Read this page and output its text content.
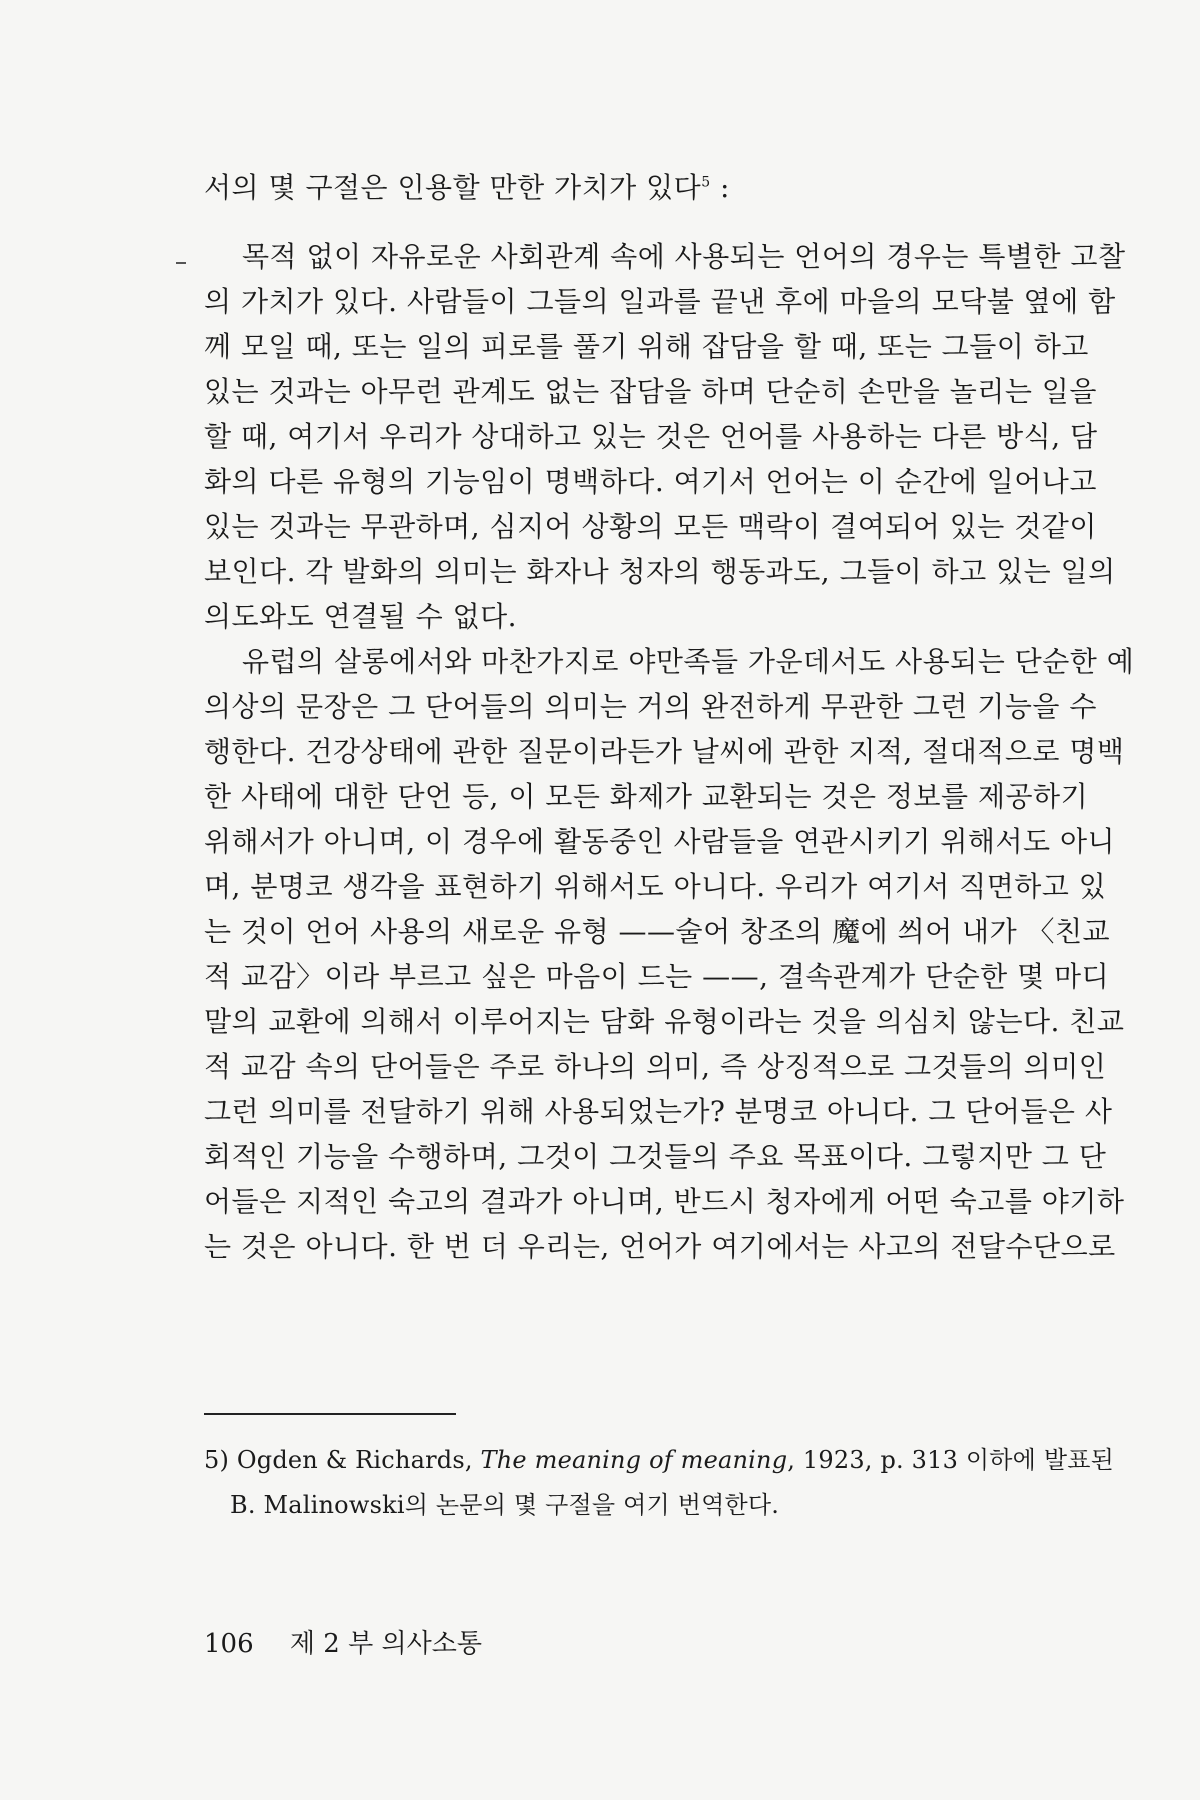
서의 몇 구절은 인용할 만한 가치가 있다$^5$ :
목적 없이 자유로운 사회관계 속에 사용되는 언어의 경우는 특별한 고찰
의 가치가 있다. 사람들이 그들의 일과를 끝낸 후에 마을의 모닥불 옆에 함
께 모일 때, 또는 일의 피로를 풀기 위해 잡담을 할 때, 또는 그들이 하고
있는 것과는 아무런 관계도 없는 잡담을 하며 단순히 손만을 놀리는 일을
할 때, 여기서 우리가 상대하고 있는 것은 언어를 사용하는 다른 방식, 담
화의 다른 유형의 기능임이 명백하다. 여기서 언어는 이 순간에 일어나고
있는 것과는 무관하며, 심지어 상황의 모든 맥락이 결여되어 있는 것같이
보인다. 각 발화의 의미는 화자나 청자의 행동과도, 그들이 하고 있는 일의
의도와도 연결될 수 없다.
유럽의 살롱에서와 마찬가지로 야만족들 가운데서도 사용되는 단순한 예
의상의 문장은 그 단어들의 의미는 거의 완전하게 무관한 그런 기능을 수
행한다. 건강상태에 관한 질문이라든가 날씨에 관한 지적, 절대적으로 명백
한 사태에 대한 단언 등, 이 모든 화제가 교환되는 것은 정보를 제공하기
위해서가 아니며, 이 경우에 활동중인 사람들을 연관시키기 위해서도 아니
며, 분명코 생각을 표현하기 위해서도 아니다. 우리가 여기서 직면하고 있
는 것이 언어 사용의 새로운 유형 ——술어 창조의 魔에 씌어 내가 〈친교
적 교감〉이라 부르고 싶은 마음이 드는 ——, 결속관계가 단순한 몇 마디
말의 교환에 의해서 이루어지는 담화 유형이라는 것을 의심치 않는다. 친교
적 교감 속의 단어들은 주로 하나의 의미, 즉 상징적으로 그것들의 의미인
그런 의미를 전달하기 위해 사용되었는가? 분명코 아니다. 그 단어들은 사
회적인 기능을 수행하며, 그것이 그것들의 주요 목표이다. 그렇지만 그 단
어들은 지적인 숙고의 결과가 아니며, 반드시 청자에게 어떤 숙고를 야기하
는 것은 아니다. 한 번 더 우리는, 언어가 여기에서는 사고의 전달수단으로
5) Ogden & Richards, The meaning of meaning, 1923, p. 313 이하에 발표된
B. Malinowski의 논문의 몇 구절을 여기 번역한다.
106 제 2 부 의사소통
